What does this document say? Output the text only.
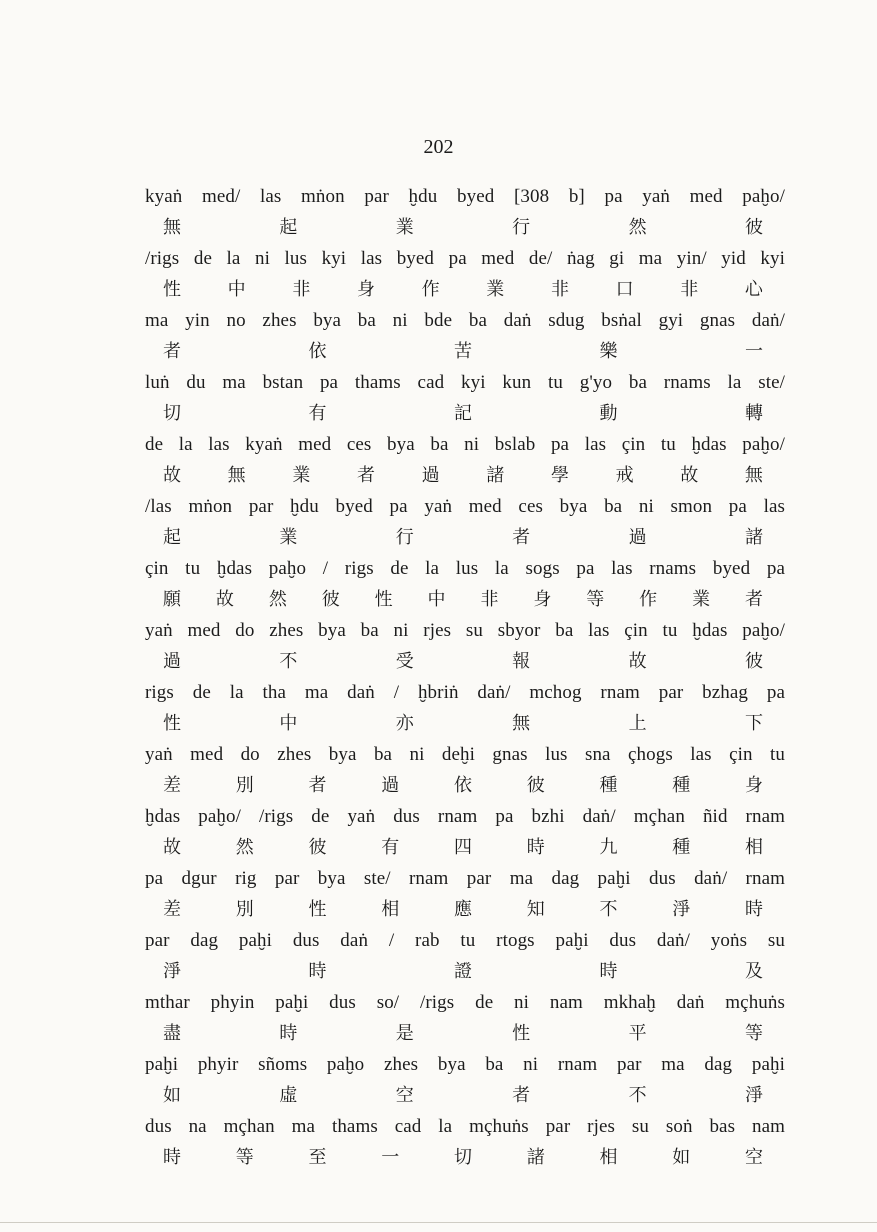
202
kyaṅ med/ las mṅon par ḫdu byed [308 b] pa yaṅ med paḫo/
無	起	業	行	然	彼
/rigs de la ni lus kyi las byed pa med de/ ṅag gi ma yin/ yid kyi
性	中	非	身	作	業	非	口	非	心
ma yin no zhes bya ba ni bde ba daṅ sdug bsṅal gyi gnas daṅ/
者	依	苦	樂	一
luṅ du ma bstan pa thams cad kyi kun tu g'yo ba rnams la ste/
切	有	記	動	轉
de la las kyaṅ med ces bya ba ni bslab pa las çin tu ḫdas paḫo/
故	無	業	者	過	諸	學	戒	故	無
/las mṅon par ḫdu byed pa yaṅ med ces bya ba ni smon pa las
起	業	行	者	過	諸
çin tu ḫdas paḫo / rigs de la lus la sogs pa las rnams byed pa
願 故 然 彼 性 中 非 身 等 作 業 者
yaṅ med do zhes bya ba ni rjes su sbyor ba las çin tu ḫdas paḫo/
過	不	受	報	故	彼
rigs de la tha ma daṅ / ḫbriṅ daṅ/ mchog rnam par bzhag pa
性	中	亦	無	上	下
yaṅ med do zhes bya ba ni deḫi gnas lus sna çhogs las çin tu
差	別	者	過	依	彼	種	種	身
ḫdas paḫo/ /rigs de yaṅ dus rnam pa bzhi daṅ/ mçhan ñid rnam
故	然	彼	有	四	時	九	種	相
pa dgur rig par bya ste/ rnam par ma dag paḫi dus daṅ/ rnam
差	別	性	相	應	知	不	淨	時
par dag paḫi dus daṅ / rab tu rtogs paḫi dus daṅ/ yoṅs su
淨	時	證	時	及
mthar phyin paḫi dus so/ /rigs de ni nam mkhaḫ daṅ mçhuṅs
盡	時	是	性	平	等
paḫi phyir sñoms paḫo zhes bya ba ni rnam par ma dag paḫi
如	虛	空	者	不	淨
dus na mçhan ma thams cad la mçhuṅs par rjes su soṅ bas nam
時	等	至	一	切	諸	相	如	空
